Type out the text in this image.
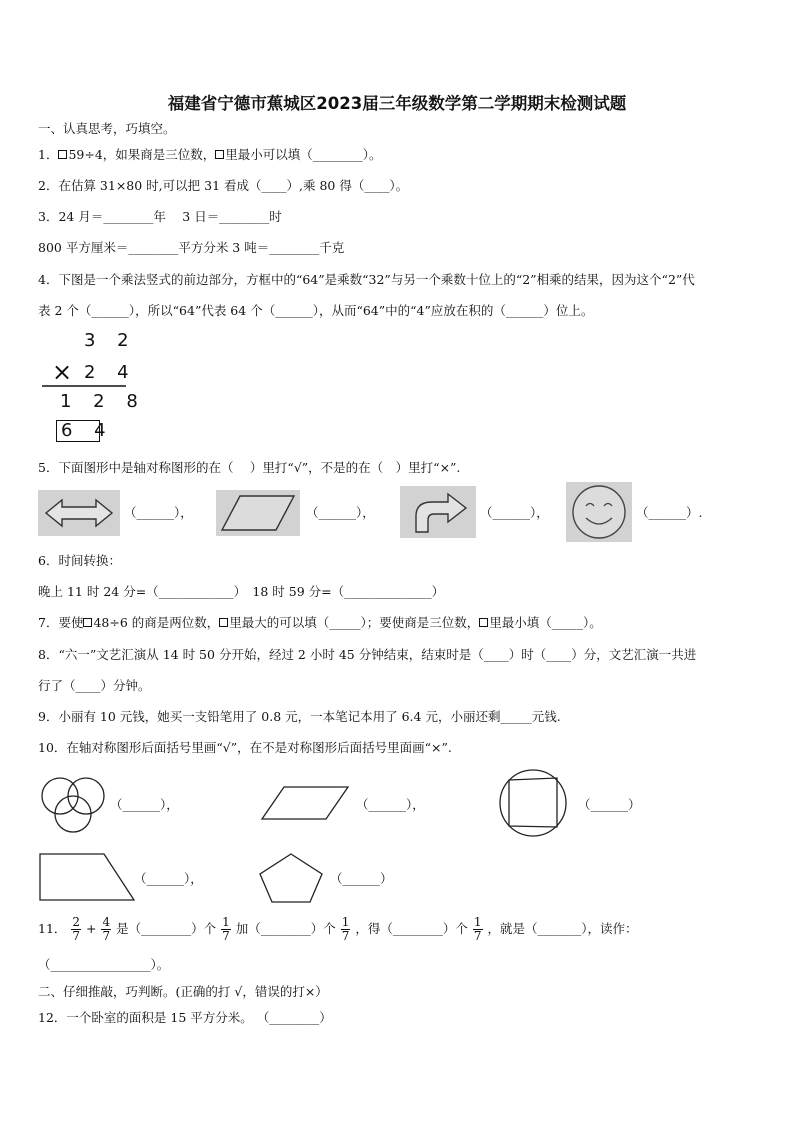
福建省宁德市蕉城区2023届三年级数学第二学期期末检测试题
一、认真思考，巧填空。
1． 59÷4，如果商是三位数， 里最小可以填（________）。
2．在估算 31×80 时,可以把 31 看成（____）,乘 80 得（____）。
3．24 月＝________年 　3 日＝________时
800 平方厘米＝________平方分米 3 吨＝________千克
4．下图是一个乘法竖式的前边部分，方框中的“64”是乘数“32”与另一个乘数十位上的“2”相乘的结果，因为这个“2”代
表 2 个（______），所以“64”代表 64 个（______），从而“64”中的“4”应放在积的（______）位上。
3 2
× 2 4
1 2 8
6 4
5．下面图形中是轴对称图形的在（　 ）里打“√”，不是的在（　）里打“×”.
（______），	（______），	（______），	（______）.
6．时间转换：
晚上 11 时 24 分=（____________）　18 时 59 分=（______________）
7．要使 48÷6 的商是两位数， 里最大的可以填（_____）；要使商是三位数， 里最小填（_____）。
8．“六一”文艺汇演从 14 时 50 分开始，经过 2 小时 45 分钟结束，结束时是（____）时（____）分，文艺汇演一共进
行了（____）分钟。
9．小丽有 10 元钱，她买一支铅笔用了 0.8 元，一本笔记本用了 6.4 元，小丽还剩_____元钱.
10．在轴对称图形后面括号里画“√”，在不是对称图形后面括号里面画“×”.
（______），	（______），	（______）
（______），	（______）
11． $\frac{2}{7} + \frac{4}{7}$ 是（________）个 $\frac{1}{7}$ 加（________）个 $\frac{1}{7}$ ，得（________）个 $\frac{1}{7}$ ，就是（_______），读作：
（________________）。
二、仔细推敲，巧判断。(正确的打 √，错误的打×）
12．一个卧室的面积是 15 平方分米。 （________）
